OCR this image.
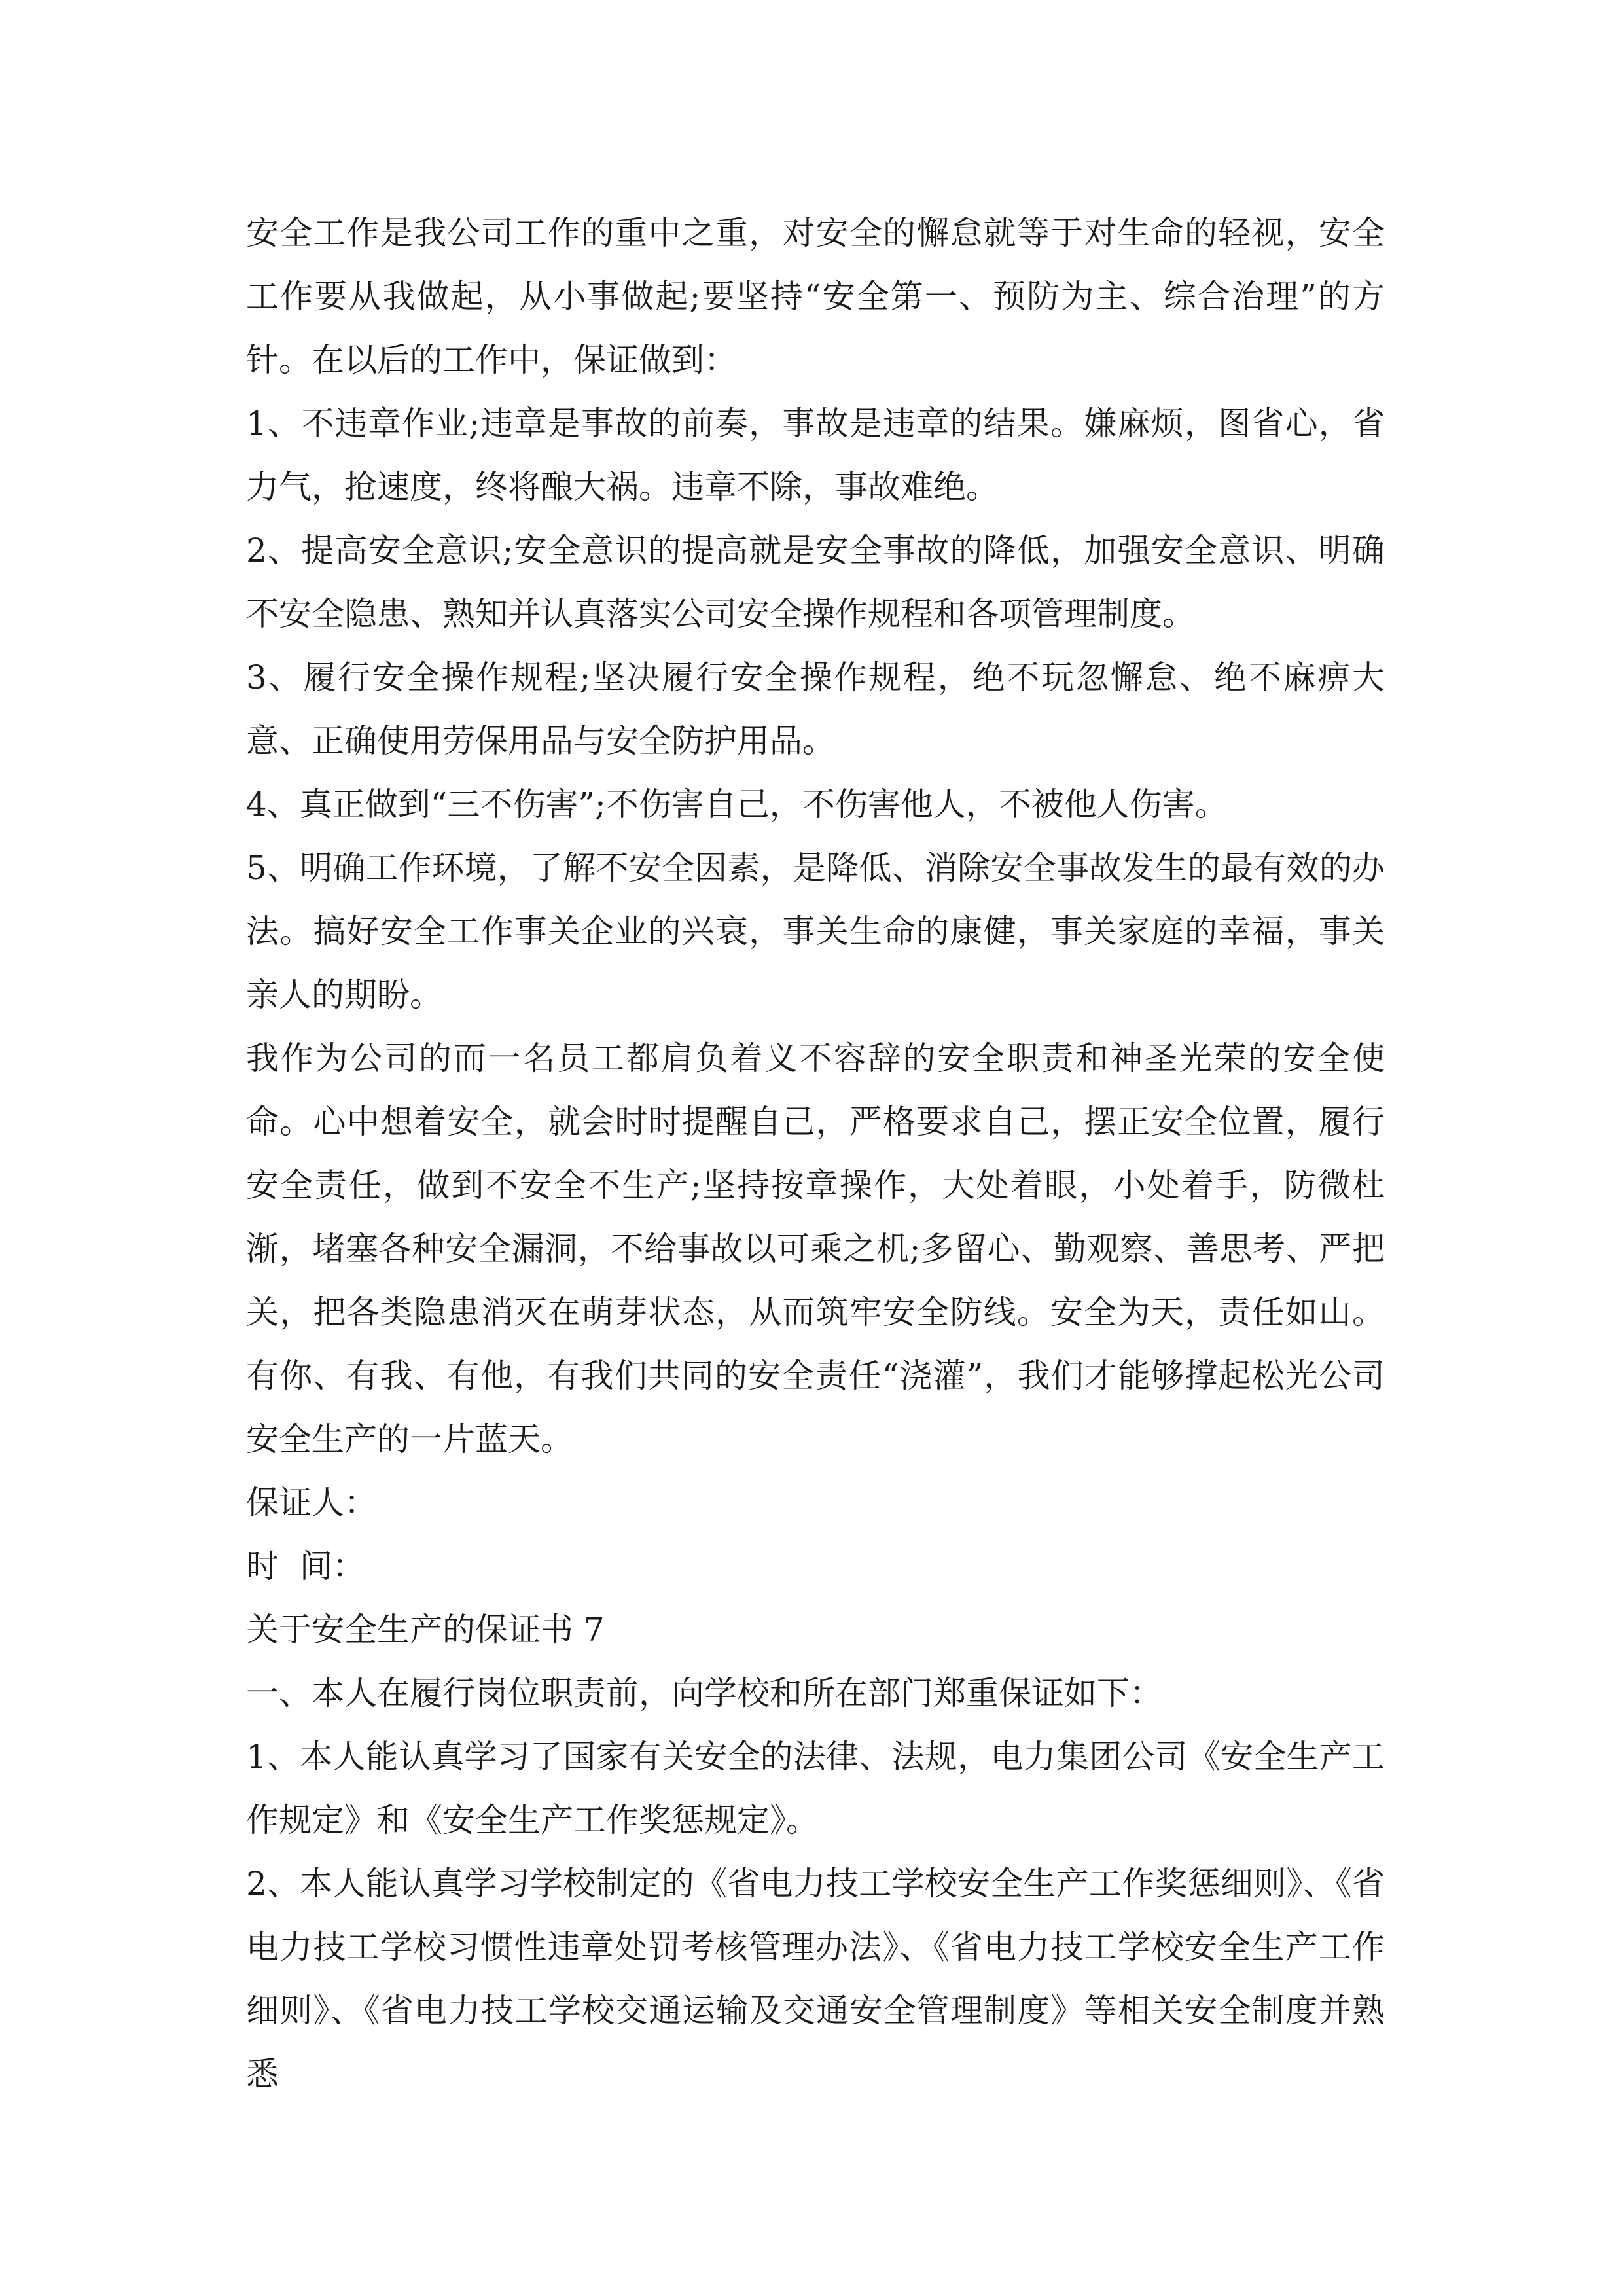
安全工作是我公司工作的重中之重，对安全的懈怠就等于对生命的轻视，安全工作要从我做起，从小事做起;要坚持“安全第一、预防为主、综合治理”的方针。在以后的工作中，保证做到：

1、不违章作业;违章是事故的前奏，事故是违章的结果。嫌麻烦，图省心，省力气，抢速度，终将酿大祸。违章不除，事故难绝。

2、提高安全意识;安全意识的提高就是安全事故的降低，加强安全意识、明确不安全隐患、熟知并认真落实公司安全操作规程和各项管理制度。

3、履行安全操作规程;坚决履行安全操作规程，绝不玩忽懈怠、绝不麻痹大意、正确使用劳保用品与安全防护用品。

4、真正做到“三不伤害”;不伤害自己，不伤害他人，不被他人伤害。

5、明确工作环境，了解不安全因素，是降低、消除安全事故发生的最有效的办法。搞好安全工作事关企业的兴衰，事关生命的康健，事关家庭的幸福，事关亲人的期盼。

我作为公司的而一名员工都肩负着义不容辞的安全职责和神圣光荣的安全使命。心中想着安全，就会时时提醒自己，严格要求自己，摆正安全位置，履行安全责任，做到不安全不生产;坚持按章操作，大处着眼，小处着手，防微杜渐，堵塞各种安全漏洞，不给事故以可乘之机;多留心、勤观察、善思考、严把关，把各类隐患消灭在萌芽状态，从而筑牢安全防线。安全为天，责任如山。有你、有我、有他，有我们共同的安全责任“浇灌”，我们才能够撑起松光公司安全生产的一片蓝天。

保证人：

时  间：

关于安全生产的保证书 7

一、本人在履行岗位职责前，向学校和所在部门郑重保证如下：

1、本人能认真学习了国家有关安全的法律、法规，电力集团公司《安全生产工作规定》和《安全生产工作奖惩规定》。

2、本人能认真学习学校制定的《省电力技工学校安全生产工作奖惩细则》、《省电力技工学校习惯性违章处罚考核管理办法》、《省电力技工学校安全生产工作细则》、《省电力技工学校交通运输及交通安全管理制度》等相关安全制度并熟悉
